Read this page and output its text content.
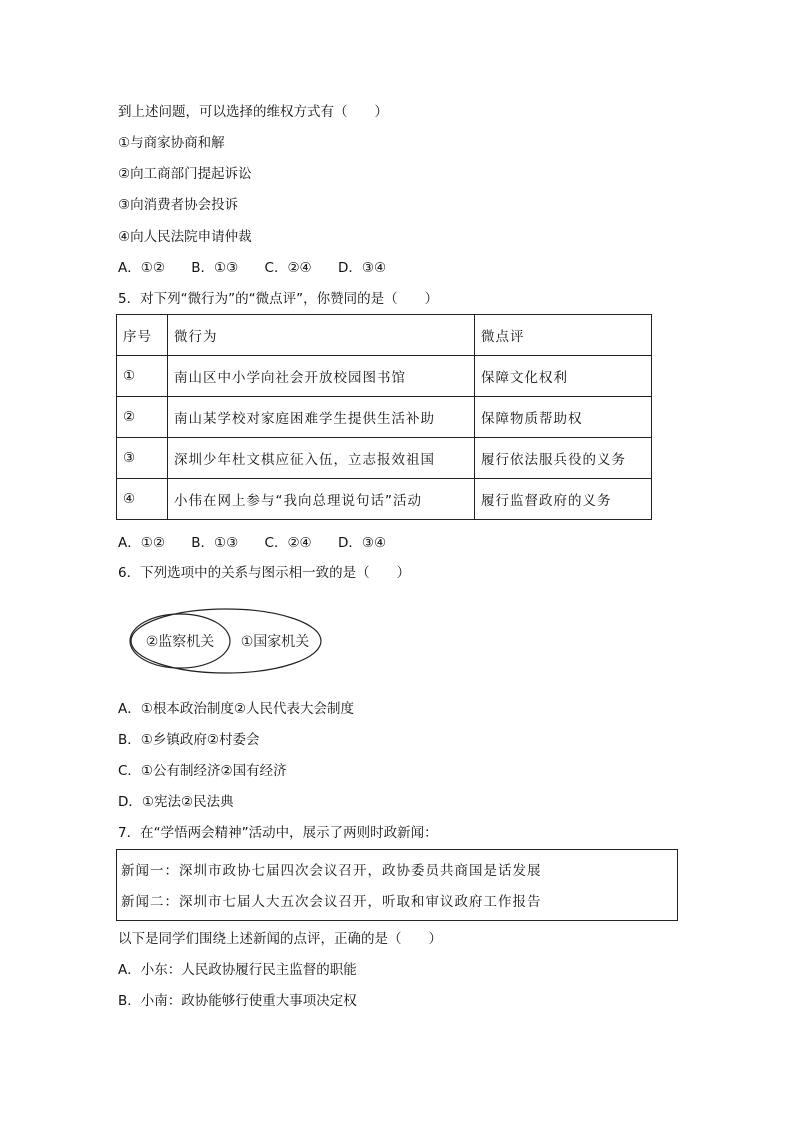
到上述问题，可以选择的维权方式有（　　）
①与商家协商和解
②向工商部门提起诉讼
③向消费者协会投诉
④向人民法院申请仲裁
A．①② B．①③ C．②④ D．③④
5．对下列“微行为”的“微点评”，你赞同的是（　　）
序号	微行为	微点评
①	南山区中小学向社会开放校园图书馆	保障文化权利
②	南山某学校对家庭困难学生提供生活补助	保障物质帮助权
③	深圳少年杜文棋应征入伍，立志报效祖国	履行依法服兵役的义务
④	小伟在网上参与“我向总理说句话”活动	履行监督政府的义务
A．①② B．①③ C．②④ D．③④
6．下列选项中的关系与图示相一致的是（　　）
②监察机关 ①国家机关
A．①根本政治制度②人民代表大会制度
B．①乡镇政府②村委会
C．①公有制经济②国有经济
D．①宪法②民法典
7．在“学悟两会精神”活动中，展示了两则时政新闻：
新闻一：深圳市政协七届四次会议召开，政协委员共商国是话发展
新闻二：深圳市七届人大五次会议召开，听取和审议政府工作报告
以下是同学们围绕上述新闻的点评，正确的是（　　）
A．小东：人民政协履行民主监督的职能
B．小南：政协能够行使重大事项决定权
